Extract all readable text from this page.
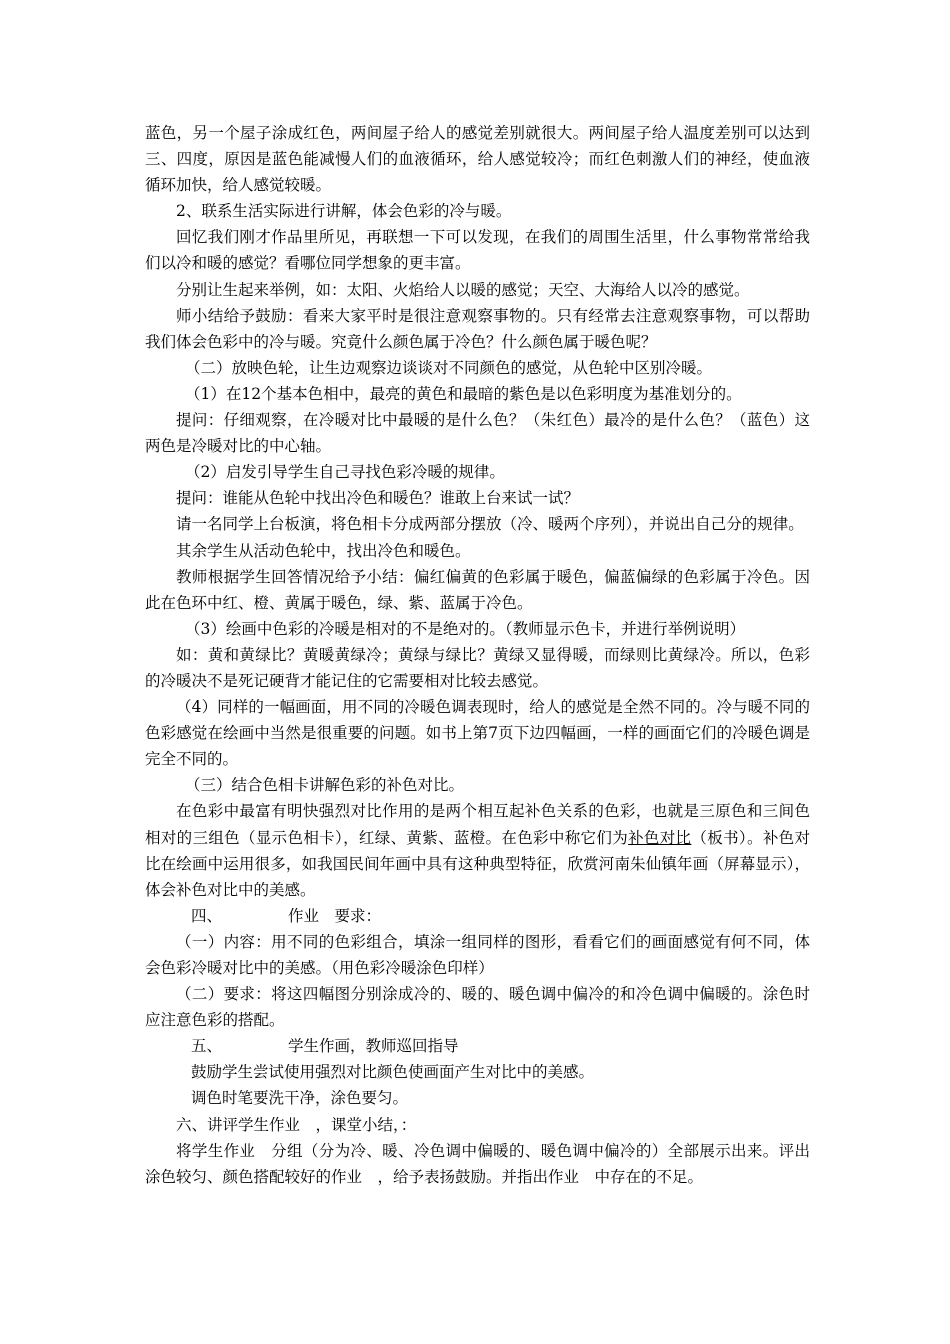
蓝色，另一个屋子涂成红色，两间屋子给人的感觉差别就很大。两间屋子给人温度差别可以达到三、四度，原因是蓝色能减慢人们的血液循环，给人感觉较冷；而红色刺激人们的神经，使血液循环加快，给人感觉较暖。

2、联系生活实际进行讲解，体会色彩的冷与暖。

回忆我们刚才作品里所见，再联想一下可以发现，在我们的周围生活里，什么事物常常给我们以冷和暖的感觉？看哪位同学想象的更丰富。

分别让生起来举例，如：太阳、火焰给人以暖的感觉；天空、大海给人以冷的感觉。

师小结给予鼓励：看来大家平时是很注意观察事物的。只有经常去注意观察事物，可以帮助我们体会色彩中的冷与暖。究竟什么颜色属于冷色？什么颜色属于暖色呢？

（二）放映色轮，让生边观察边谈谈对不同颜色的感觉，从色轮中区别冷暖。

（1）在12个基本色相中，最亮的黄色和最暗的紫色是以色彩明度为基准划分的。

提问：仔细观察，在冷暖对比中最暖的是什么色？（朱红色）最冷的是什么色？（蓝色）这两色是冷暖对比的中心轴。

（2）启发引导学生自己寻找色彩冷暖的规律。

提问：谁能从色轮中找出冷色和暖色？谁敢上台来试一试？

请一名同学上台板演，将色相卡分成两部分摆放（冷、暖两个序列），并说出自己分的规律。

其余学生从活动色轮中，找出冷色和暖色。

教师根据学生回答情况给予小结：偏红偏黄的色彩属于暖色，偏蓝偏绿的色彩属于冷色。因此在色环中红、橙、黄属于暖色，绿、紫、蓝属于冷色。

（3）绘画中色彩的冷暖是相对的不是绝对的。（教师显示色卡，并进行举例说明）

如：黄和黄绿比？黄暖黄绿冷；黄绿与绿比？黄绿又显得暖，而绿则比黄绿冷。所以，色彩的冷暖决不是死记硬背才能记住的它需要相对比较去感觉。

（4）同样的一幅画面，用不同的冷暖色调表现时，给人的感觉是全然不同的。冷与暖不同的色彩感觉在绘画中当然是很重要的问题。如书上第7页下边四幅画，一样的画面它们的冷暖色调是完全不同的。

（三）结合色相卡讲解色彩的补色对比。

在色彩中最富有明快强烈对比作用的是两个相互起补色关系的色彩，也就是三原色和三间色相对的三组色（显示色相卡），红绿、黄紫、蓝橙。在色彩中称它们为补色对比（板书）。补色对比在绘画中运用很多，如我国民间年画中具有这种典型特征，欣赏河南朱仙镇年画（屏幕显示），体会补色对比中的美感。

四、	作业　要求：

（一）内容：用不同的色彩组合，填涂一组同样的图形，看看它们的画面感觉有何不同，体会色彩冷暖对比中的美感。（用色彩冷暖涂色印样）

（二）要求：将这四幅图分别涂成冷的、暖的、暖色调中偏冷的和冷色调中偏暖的。涂色时应注意色彩的搭配。

五、	学生作画，教师巡回指导

鼓励学生尝试使用强烈对比颜色使画面产生对比中的美感。

调色时笔要洗干净，涂色要匀。

六、讲评学生作业　，课堂小结，：

将学生作业　分组（分为冷、暖、冷色调中偏暖的、暖色调中偏冷的）全部展示出来。评出涂色较匀、颜色搭配较好的作业　，给予表扬鼓励。并指出作业　中存在的不足。
